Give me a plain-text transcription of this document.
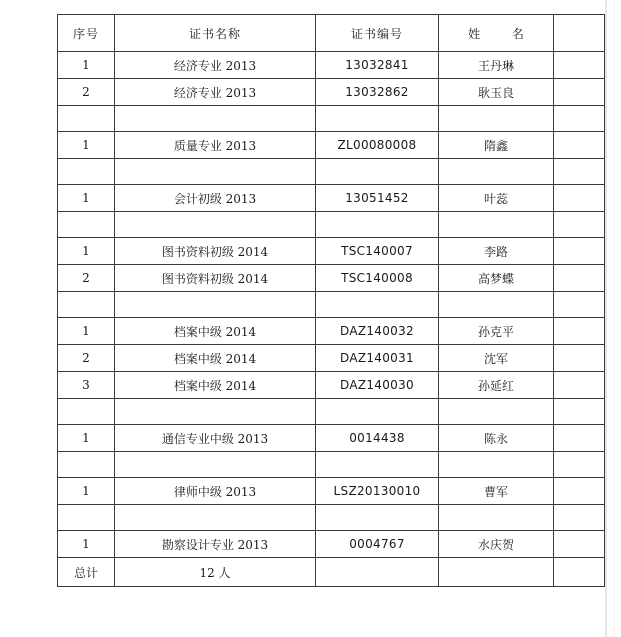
序号	证书名称	证书编号	姓 名	
1	经济专业 2013	13032841	王丹琳	
2	经济专业 2013	13032862	耿玉良	

1	质量专业 2013	ZL00080008	隋鑫	

1	会计初级 2013	13051452	叶蕊	

1	图书资料初级 2014	TSC140007	李路	
2	图书资料初级 2014	TSC140008	高梦蝶	

1	档案中级 2014	DAZ140032	孙克平	
2	档案中级 2014	DAZ140031	沈军	
3	档案中级 2014	DAZ140030	孙延红	

1	通信专业中级 2013	0014438	陈永	

1	律师中级 2013	LSZ20130010	曹军	

1	勘察设计专业 2013	0004767	水庆贺	
总计	12 人			
